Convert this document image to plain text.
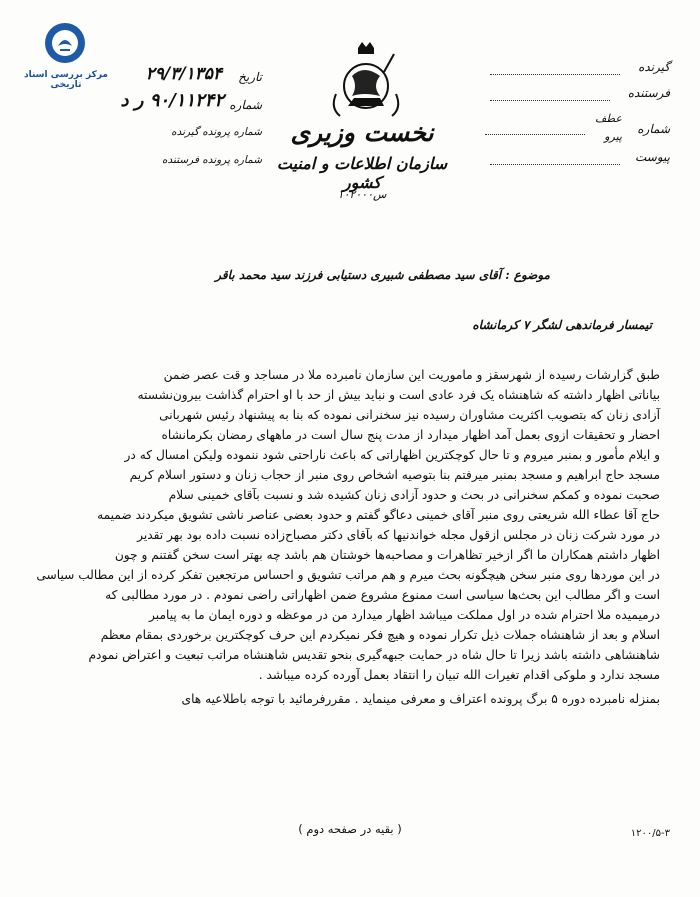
مرکز بررسی اسناد تاریخی
گیرنده
فرستنده
شماره
عطف
پیرو
پیوست
نخست وزیری
سازمان اطلاعات و امنیت کشور
س۱۰۲۰۰۰
تاریخ
۲۹/۳/۱۳۵۴
شماره
۹۰/۱۱۲۴۲ ر د
شماره پرونده گیرنده
شماره پرونده فرستنده
موضوع : آقای سید مصطفی شبیری دستیابی فرزند سید محمد باقر
تیمسار فرماندهی لشگر ۷ کرمانشاه
طبق گزارشات رسیده از شهرسقز و ماموریت این سازمان نامبرده ملا در مساجد و قت عصر ضمن
بیاناتی اظهار داشته که شاهنشاه یک فرد عادی است و نباید بیش از حد با او احترام گذاشت بیرون‌نشسته
آزادی زنان که بتصویب اکثریت مشاوران رسیده نیز سخنرانی نموده که بنا به پیشنهاد رئیس شهربانی
احضار و تحقیقات ازوی بعمل آمد اظهار میدارد از مدت پنج سال است در ماههای رمضان بکرمانشاه
و ایلام مأمور و بمنبر میروم و تا حال کوچکترین اظهاراتی که باعث ناراحتی شود ننموده ولیکن امسال که در
مسجد حاج ابراهیم و مسجد بمنبر میرفتم بنا بتوصیه اشخاص روی منبر از حجاب زنان و دستور اسلام کریم
صحبت نموده و کمکم سخنرانی در بحث و حدود آزادی زنان کشیده شد و نسبت بآقای خمینی سلام
حاج آقا عطاء الله شریعتی روی منبر آقای خمینی دعاگو گفتم و حدود بعضی عناصر ناشی تشویق میکردند ضمیمه
در مورد شرکت زنان در مجلس ازقول مجله خواندنیها که بآقای دکتر مصباح‌زاده نسبت داده بود بهر تقدیر
اظهار داشتم همکاران ما اگر ازخیر تظاهرات و مصاحبه‌ها خوشتان هم باشد چه بهتر است سخن گفتنم و چون
در این موردها روی منبر سخن هیچگونه بحث میرم و هم مراتب تشویق و احساس مرتجعین تفکر کرده از این مطالب سیاسی
است و اگر مطالب این بحث‌ها سیاسی است ممنوع مشروع ضمن اظهاراتی راضی نمودم . در مورد مطالبی که
درمیمیده ملا احترام شده در اول مملکت میباشد اظهار میدارد من در موعظه و دوره ایمان ما به پیامبر
اسلام و بعد از شاهنشاه جملات ذیل تکرار نموده و هیچ فکر نمیکردم این حرف کوچکترین برخوردی بمقام معظم
شاهنشاهی داشته باشد زیرا تا حال شاه در حمایت جبهه‌گیری بنحو تقدیس شاهنشاه مراتب تبعیت و اعتراض نمودم
مسجد ندارد و ملوکی اقدام تغیرات الله تبیان را انتقاد بعمل آورده کرده میباشد .
بمنزله نامبرده دوره ۵ برگ پرونده اعتراف و معرفی مینماید . مقررفرمائید با توجه باطلاعیه های
( بقیه در صفحه دوم )	۱۲۰۰/۵-۳
